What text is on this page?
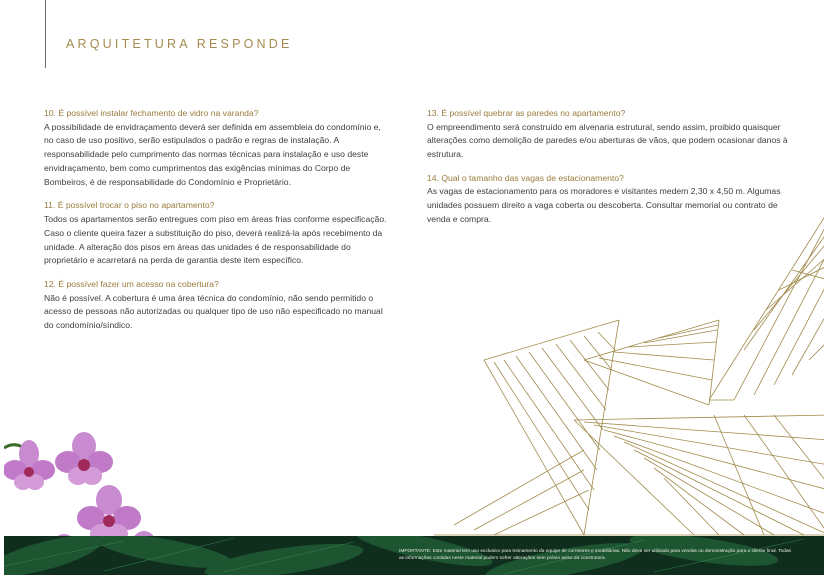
ARQUITETURA RESPONDE
10. É possível instalar fechamento de vidro na varanda?
A possibilidade de envidraçamento deverá ser definida em assembleia do condomínio e, no caso de uso positivo, serão estipulados o padrão e regras de instalação. A responsabilidade pelo cumprimento das normas técnicas para instalação e uso deste envidraçamento, bem como cumprimentos das exigências mínimas do Corpo de Bombeiros, é de responsabilidade do Condomínio e Proprietário.
11. É possível trocar o piso no apartamento?
Todos os apartamentos serão entregues com piso em áreas frias conforme especificação. Caso o cliente queira fazer a substituição do piso, deverá realizá-la após recebimento da unidade. A alteração dos pisos em áreas das unidades é de responsabilidade do proprietário e acarretará na perda de garantia deste item específico.
12. É possível fazer um acesso na cobertura?
Não é possível. A cobertura é uma área técnica do condomínio, não sendo permitido o acesso de pessoas não autorizadas ou qualquer tipo de uso não especificado no manual do condomínio/síndico.
13. É possível quebrar as paredes no apartamento?
O empreendimento será construído em alvenaria estrutural, sendo assim, proibido quaisquer alterações como demolição de paredes e/ou aberturas de vãos, que podem ocasionar danos à estrutura.
14. Qual o tamanho das vagas de estacionamento?
As vagas de estacionamento para os moradores e visitantes medem 2,30 x 4,50 m. Algumas unidades possuem direito a vaga coberta ou descoberta. Consultar memorial ou contrato de venda e compra.
IMPORTANTE: Este material tem uso exclusivo para treinamento da equipe de corretores e imobiliárias. Não deve ser utilizado para vendas ou demonstração para o cliente final. Todas as informações contidas neste material podem sofrer alterações sem prévio aviso da construtora.
